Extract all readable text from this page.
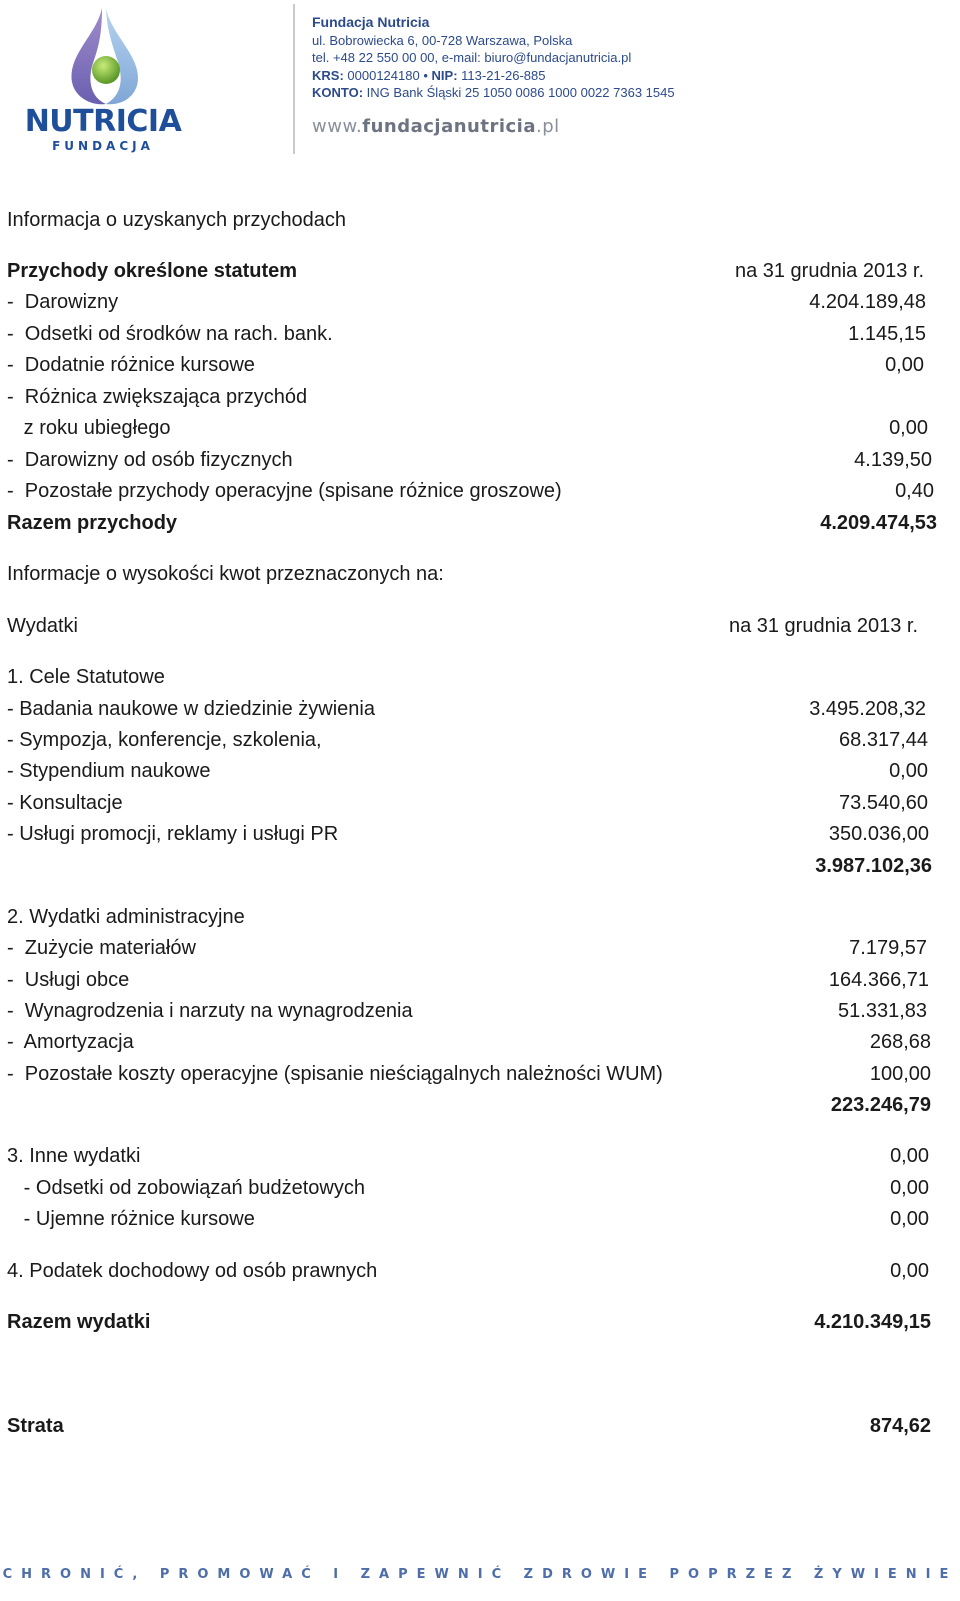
NUTRICIA
FUNDACJA
Fundacja Nutricia
ul. Bobrowiecka 6, 00-728 Warszawa, Polska
tel. +48 22 550 00 00, e-mail: biuro@fundacjanutricia.pl
KRS: 0000124180 • NIP: 113-21-26-885
KONTO: ING Bank Śląski 25 1050 0086 1000 0022 7363 1545
www.fundacjanutricia.pl
Informacja o uzyskanych przychodach
Przychody określone statutem	na 31 grudnia 2013 r.
-  Darowizny	4.204.189,48
-  Odsetki od środków na rach. bank.	1.145,15
-  Dodatnie różnice kursowe	0,00
-  Różnica zwiększająca przychód
z roku ubiegłego	0,00
-  Darowizny od osób fizycznych	4.139,50
-  Pozostałe przychody operacyjne (spisane różnice groszowe)	0,40
Razem przychody	4.209.474,53
Informacje o wysokości kwot przeznaczonych na:
Wydatki	na 31 grudnia 2013 r.
1. Cele Statutowe
- Badania naukowe w dziedzinie żywienia	3.495.208,32
- Sympozja, konferencje, szkolenia,	68.317,44
- Stypendium naukowe	0,00
- Konsultacje	73.540,60
- Usługi promocji, reklamy i usługi PR	350.036,00
3.987.102,36
2. Wydatki administracyjne
-  Zużycie materiałów	7.179,57
-  Usługi obce	164.366,71
-  Wynagrodzenia i narzuty na wynagrodzenia	51.331,83
-  Amortyzacja	268,68
-  Pozostałe koszty operacyjne (spisanie nieściągalnych należności WUM)	100,00
223.246,79
3. Inne wydatki	0,00
- Odsetki od zobowiązań budżetowych	0,00
- Ujemne różnice kursowe	0,00
4. Podatek dochodowy od osób prawnych	0,00
Razem wydatki	4.210.349,15
Strata	874,62
CHRONIĆ, PROMOWAĆ I ZAPEWNIĆ ZDROWIE POPRZEZ ŻYWIENIE
